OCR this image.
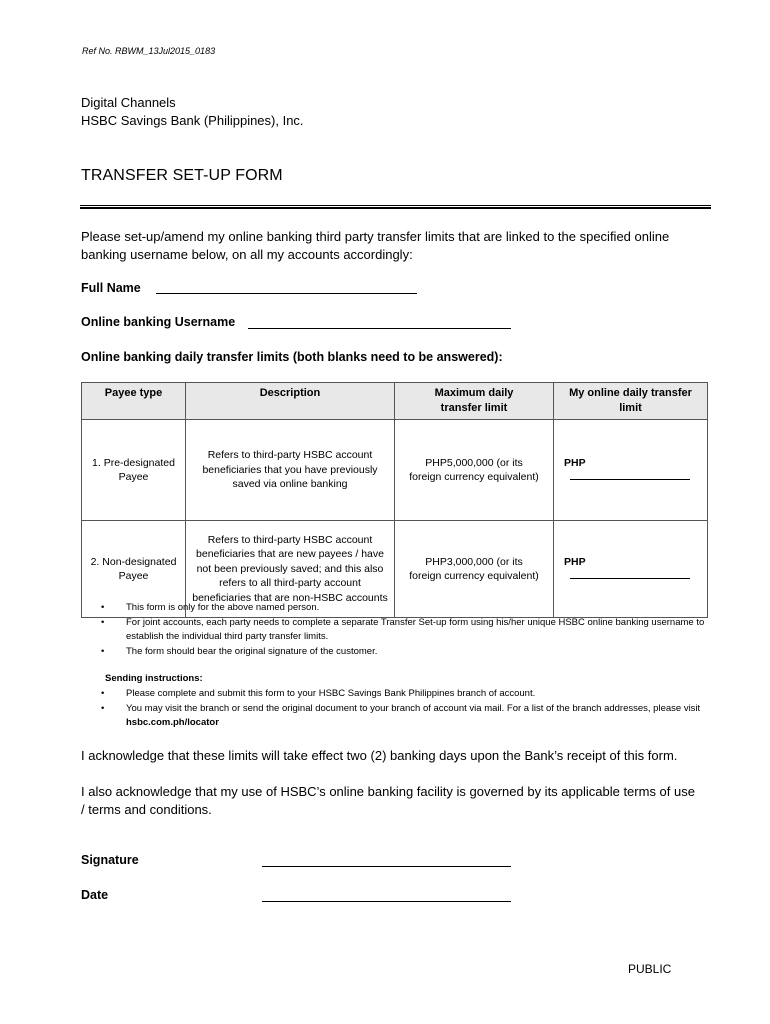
Ref No. RBWM_13Jul2015_0183
Digital Channels
HSBC Savings Bank (Philippines), Inc.
TRANSFER SET-UP FORM
Please set-up/amend my online banking third party transfer limits that are linked to the specified online banking username below, on all my accounts accordingly:
Full Name
Online banking Username
Online banking daily transfer limits (both blanks need to be answered):
Payee type	Description	Maximum daily transfer limit	My online daily transfer limit
1. Pre-designated Payee	Refers to third-party HSBC account beneficiaries that you have previously saved via online banking	PHP5,000,000 (or its foreign currency equivalent)	PHP
2. Non-designated Payee	Refers to third-party HSBC account beneficiaries that are new payees / have not been previously saved; and this also refers to all third-party account beneficiaries that are non-HSBC accounts	PHP3,000,000 (or its foreign currency equivalent)	PHP
• This form is only for the above named person.
• For joint accounts, each party needs to complete a separate Transfer Set-up form using his/her unique HSBC online banking username to establish the individual third party transfer limits.
• The form should bear the original signature of the customer.
Sending instructions:
• Please complete and submit this form to your HSBC Savings Bank Philippines branch of account.
• You may visit the branch or send the original document to your branch of account via mail. For a list of the branch addresses, please visit hsbc.com.ph/locator
I acknowledge that these limits will take effect two (2) banking days upon the Bank’s receipt of this form.
I also acknowledge that my use of HSBC’s online banking facility is governed by its applicable terms of use / terms and conditions.
Signature
Date
PUBLIC
